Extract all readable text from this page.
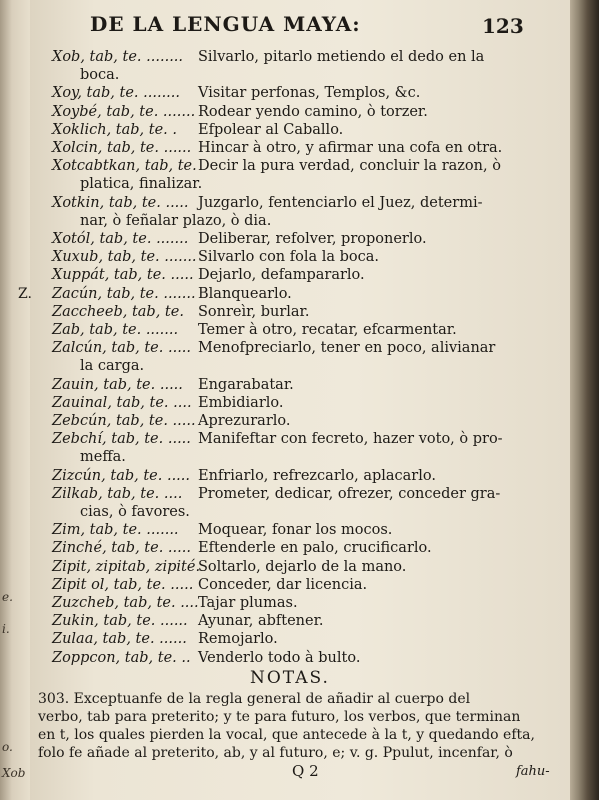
e.
i.
o.
Xob
DE LA LENGUA MAYA:	123
Xob, tab, te. ........ Silvarlo, pitarlo metiendo el dedo en la
boca.
Xoy, tab, te. ........ Visitar perfonas, Templos, &c.
Xoybé, tab, te. ....... Rodear yendo camino, ò torzer.
Xoklich, tab, te. . Efpolear al Caballo.
Xolcin, tab, te. ...... Hincar à otro, y afirmar una cofa en otra.
Xotcabtkan, tab, te. Decir la pura verdad, concluir la razon, ò
platica, finalizar.
Xotkin, tab, te. ..... Juzgarlo, fentenciarlo el Juez, determi-
nar, ò feñalar plazo, ò dia.
Xotól, tab, te. ....... Deliberar, refolver, proponerlo.
Xuxub, tab, te. ....... Silvarlo con fola la boca.
Xuppát, tab, te. ..... Dejarlo, defampararlo.
Z. Zacún, tab, te. ....... Blanquearlo.
Zaccheeb, tab, te. Sonreìr, burlar.
Zab, tab, te. ....... Temer à otro, recatar, efcarmentar.
Zalcún, tab, te. ..... Menofpreciarlo, tener en poco, alivianar
la carga.
Zauin, tab, te. ..... Engarabatar.
Zauinal, tab, te. .... Embidiarlo.
Zebcún, tab, te. ..... Aprezurarlo.
Zebchí, tab, te. ..... Manifeftar con fecreto, hazer voto, ò pro-
meffa.
Zizcún, tab, te. ..... Enfriarlo, refrezcarlo, aplacarlo.
Zilkab, tab, te. .... Prometer, dedicar, ofrezer, conceder gra-
cias, ò favores.
Zim, tab, te. ....... Moquear, fonar los mocos.
Zinché, tab, te. ..... Eftenderle en palo, crucificarlo.
Zipit, zipitab, zipité.
Soltarlo, dejarlo de la mano.
Zipit ol, tab, te. ..... Conceder, dar licencia.
Zuzcheb, tab, te. .... Tajar plumas.
Zukin, tab, te. ...... Ayunar, abftener.
Zulaa, tab, te. ...... Remojarlo.
Zoppcon, tab, te. .. Venderlo todo à bulto.
NOTAS.
303. Exceptuanfe de la regla general de añadir al cuerpo del
verbo, tab para preterito; y te para futuro, los verbos, que terminan
en t, los quales pierden la vocal, que antecede à la t, y quedando efta,
folo fe añade al preterito, ab, y al futuro, e; v. g. Ppulut, incenfar, ò
Q 2	fahu-
